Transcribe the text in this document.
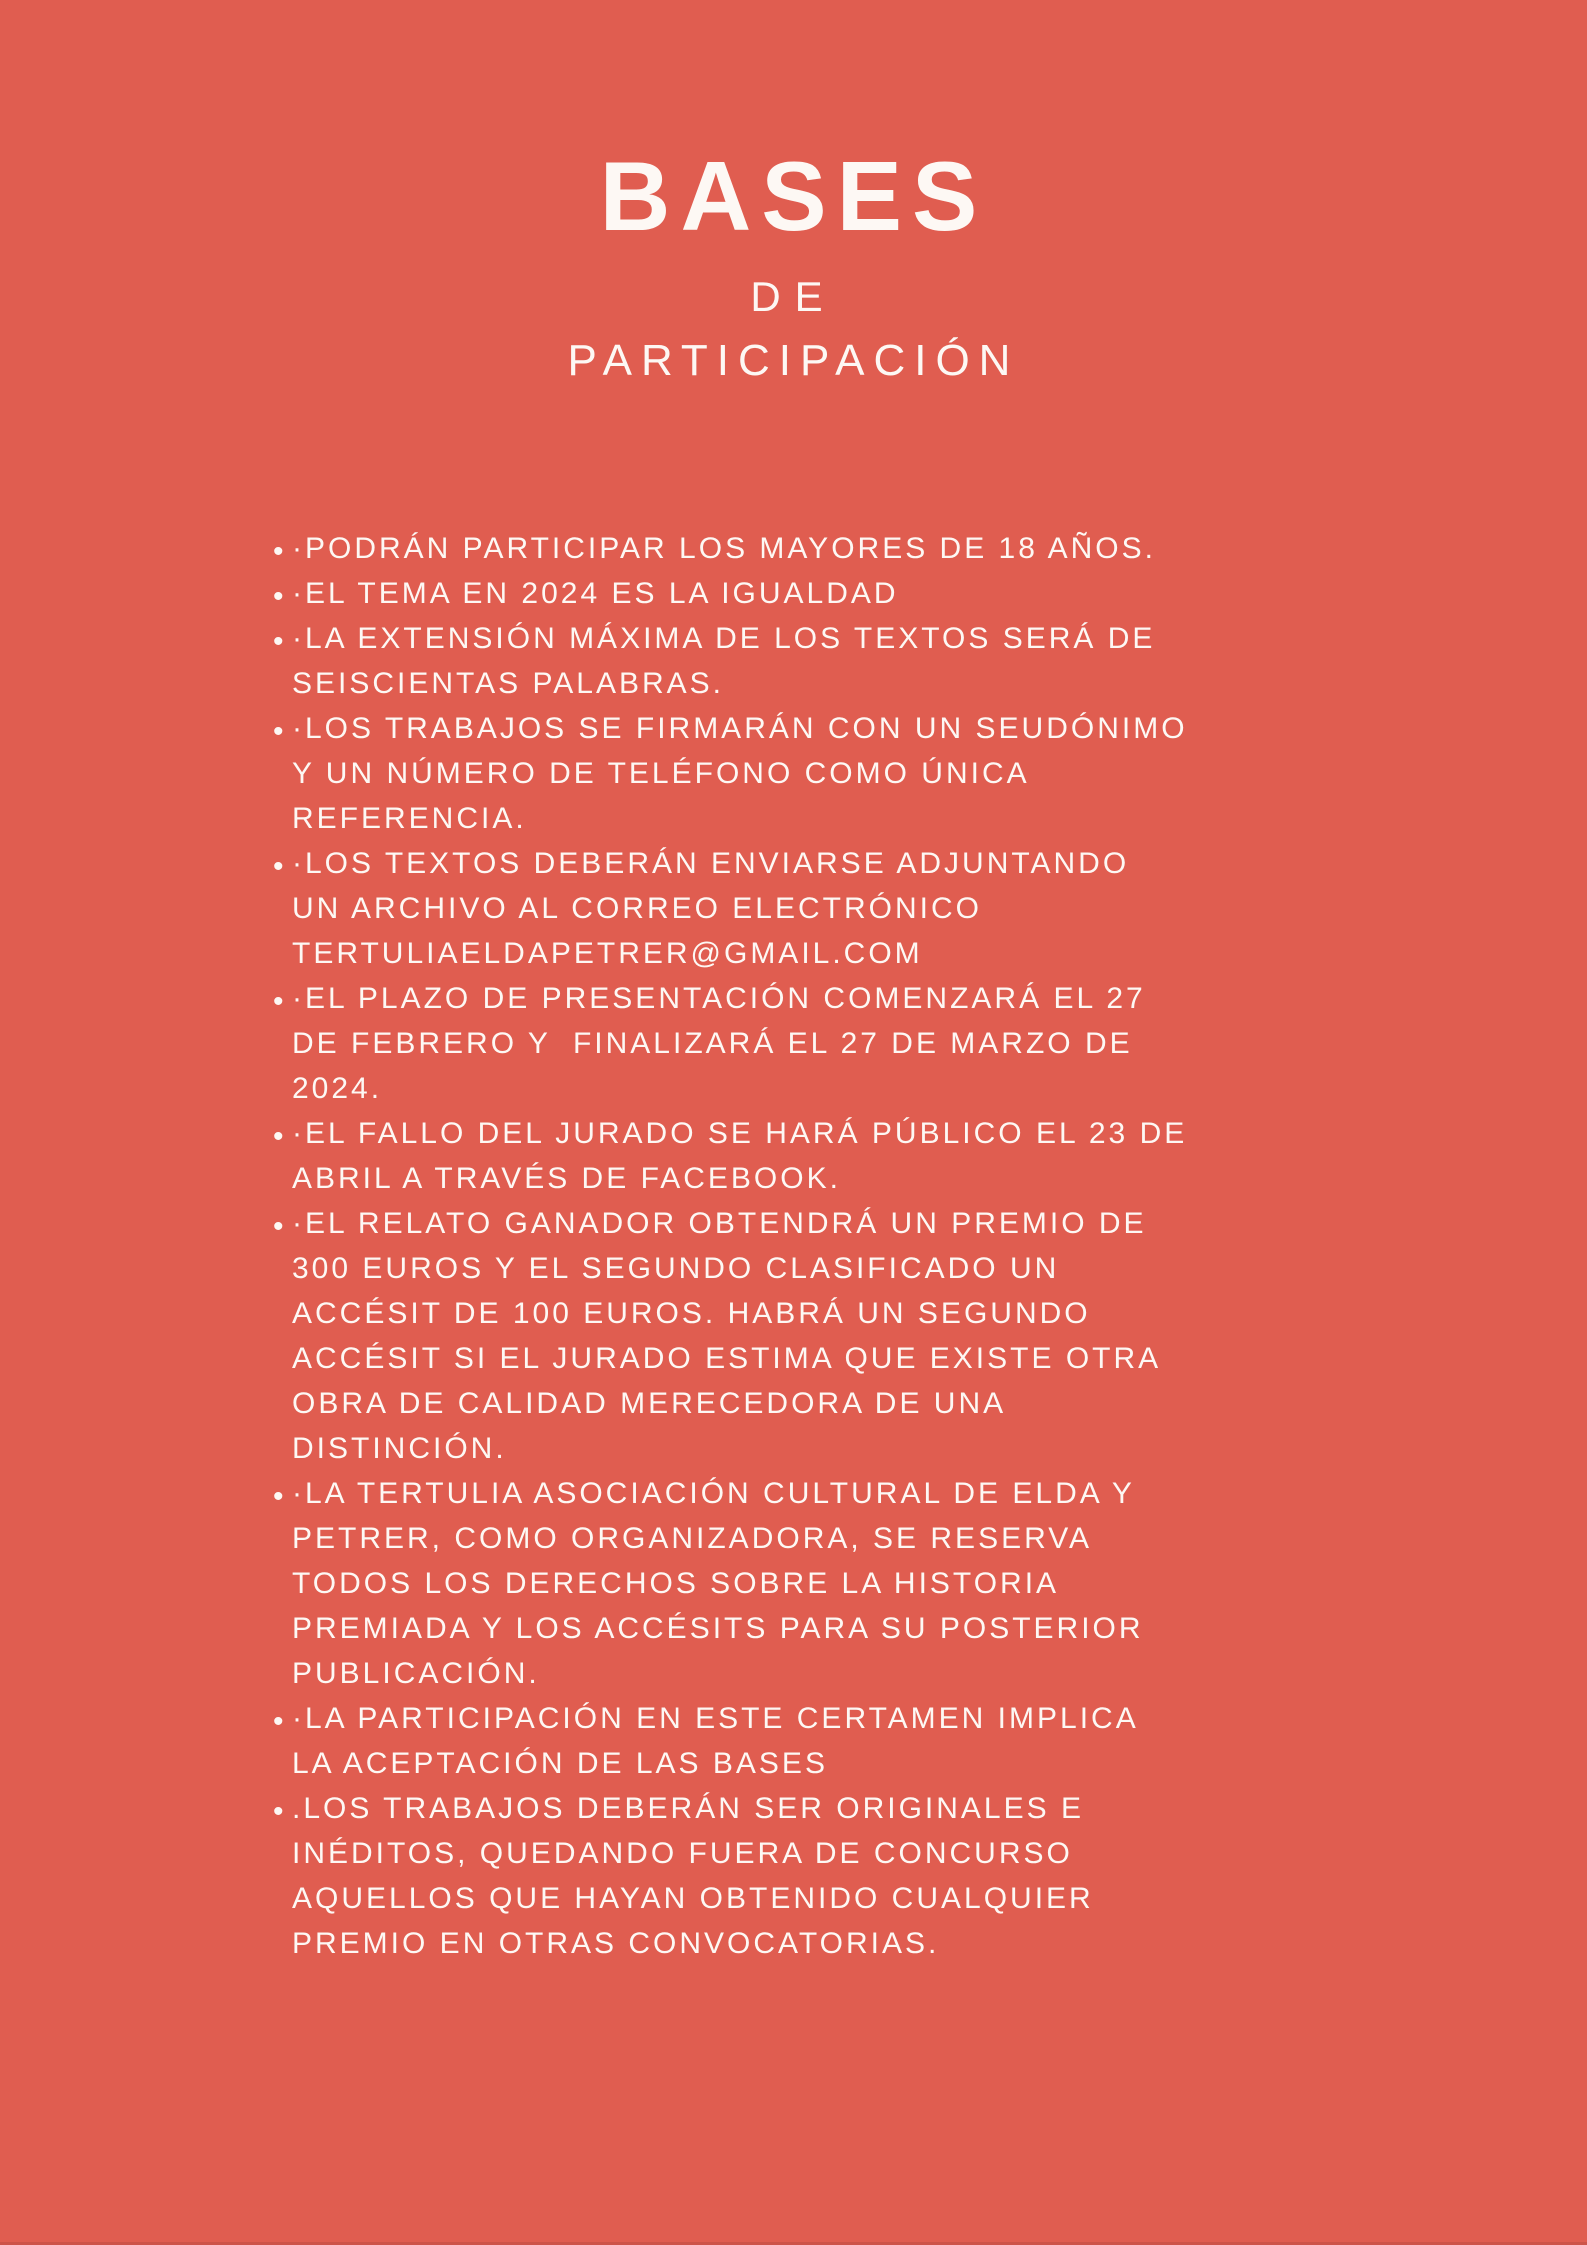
BASES
DE
PARTICIPACIÓN
• ·PODRÁN PARTICIPAR LOS MAYORES DE 18 AÑOS.
• ·EL TEMA EN 2024 ES LA IGUALDAD
• ·LA EXTENSIÓN MÁXIMA DE LOS TEXTOS SERÁ DE
SEISCIENTAS PALABRAS.
• ·LOS TRABAJOS SE FIRMARÁN CON UN SEUDÓNIMO
Y UN NÚMERO DE TELÉFONO COMO ÚNICA
REFERENCIA.
• ·LOS TEXTOS DEBERÁN ENVIARSE ADJUNTANDO
UN ARCHIVO AL CORREO ELECTRÓNICO
TERTULIAELDAPETRER@GMAIL.COM
• ·EL PLAZO DE PRESENTACIÓN COMENZARÁ EL 27
DE FEBRERO Y  FINALIZARÁ EL 27 DE MARZO DE
2024.
• ·EL FALLO DEL JURADO SE HARÁ PÚBLICO EL 23 DE
ABRIL A TRAVÉS DE FACEBOOK.
• ·EL RELATO GANADOR OBTENDRÁ UN PREMIO DE
300 EUROS Y EL SEGUNDO CLASIFICADO UN
ACCÉSIT DE 100 EUROS. HABRÁ UN SEGUNDO
ACCÉSIT SI EL JURADO ESTIMA QUE EXISTE OTRA
OBRA DE CALIDAD MERECEDORA DE UNA
DISTINCIÓN.
• ·LA TERTULIA ASOCIACIÓN CULTURAL DE ELDA Y
PETRER, COMO ORGANIZADORA, SE RESERVA
TODOS LOS DERECHOS SOBRE LA HISTORIA
PREMIADA Y LOS ACCÉSITS PARA SU POSTERIOR
PUBLICACIÓN.
• ·LA PARTICIPACIÓN EN ESTE CERTAMEN IMPLICA
LA ACEPTACIÓN DE LAS BASES
• .LOS TRABAJOS DEBERÁN SER ORIGINALES E
INÉDITOS, QUEDANDO FUERA DE CONCURSO
AQUELLOS QUE HAYAN OBTENIDO CUALQUIER
PREMIO EN OTRAS CONVOCATORIAS.
